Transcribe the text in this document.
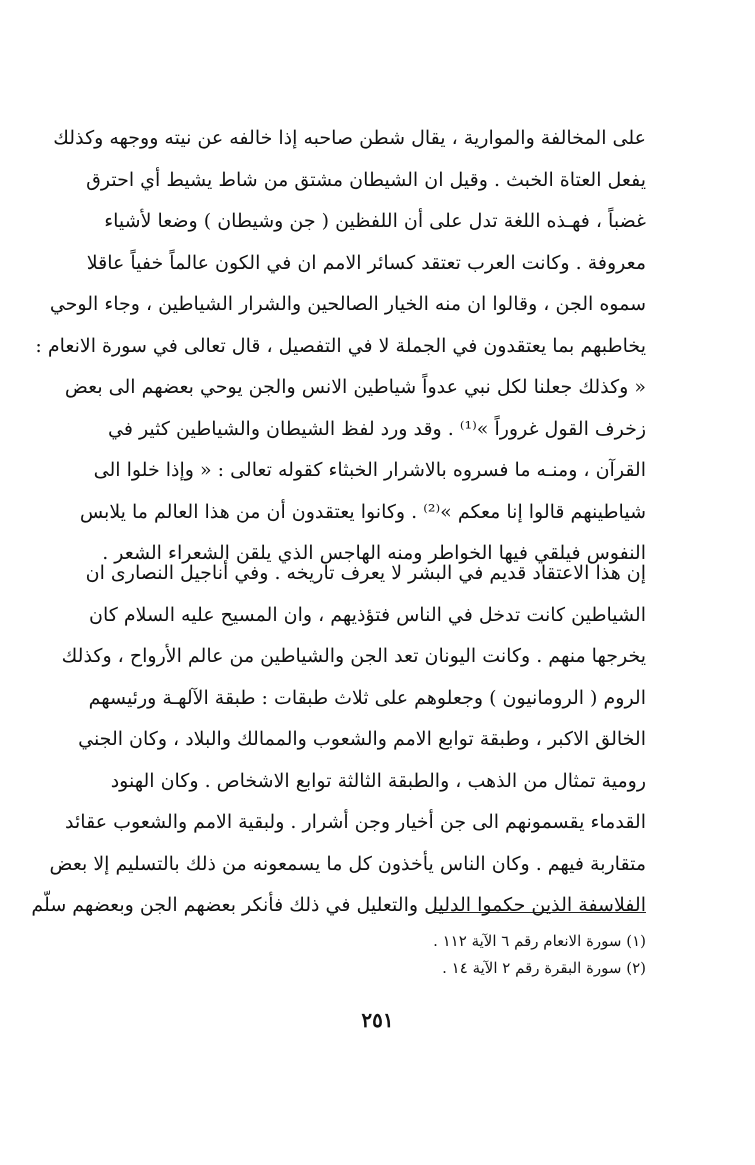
على المخالفة والموارية ، يقال شطن صاحبه إذا خالفه عن نيته ووجهه وكذلك
يفعل العتاة الخبث . وقيل ان الشيطان مشتق من شاط يشيط أي احترق
غضباً ، فهـذه اللغة تدل على أن اللفظين ( جن وشيطان ) وضعا لأشياء
معروفة . وكانت العرب تعتقد كسائر الامم ان في الكون عالماً خفياً عاقلا
سموه الجن ، وقالوا ان منه الخيار الصالحين والشرار الشياطين ، وجاء الوحي
يخاطبهم بما يعتقدون في الجملة لا في التفصيل ، قال تعالى في سورة الانعام :
« وكذلك جعلنا لكل نبي عدواً شياطين الانس والجن يوحي بعضهم الى بعض
زخرف القول غروراً »⁽¹⁾ . وقد ورد لفظ الشيطان والشياطين كثير في
القرآن ، ومنـه ما فسروه بالاشرار الخبثاء كقوله تعالى : « وإذا خلوا الى
شياطينهم قالوا إنا معكم »⁽²⁾ . وكانوا يعتقدون أن من هذا العالم ما يلابس
النفوس فيلقي فيها الخواطر ومنه الهاجس الذي يلقن الشعراء الشعر .
إن هذا الاعتقاد قديم في البشر لا يعرف تاريخه . وفي أناجيل النصارى ان
الشياطين كانت تدخل في الناس فتؤذيهم ، وان المسيح عليه السلام كان
يخرجها منهم . وكانت اليونان تعد الجن والشياطين من عالم الأرواح ، وكذلك
الروم ( الرومانيون ) وجعلوهم على ثلاث طبقات : طبقة الآلهـة ورئيسهم
الخالق الاكبر ، وطبقة توابع الامم والشعوب والممالك والبلاد ، وكان الجني
رومية تمثال من الذهب ، والطبقة الثالثة توابع الاشخاص . وكان الهنود
القدماء يقسمونهم الى جن أخيار وجن أشرار . ولبقية الامم والشعوب عقائد
متقاربة فيهم . وكان الناس يأخذون كل ما يسمعونه من ذلك بالتسليم إلا بعض
الفلاسفة الذين حكموا الدليل والتعليل في ذلك فأنكر بعضهم الجن وبعضهم سلّم
(١) سورة الانعام رقم ٦ الآية ١١٢ .
(٢) سورة البقرة رقم ٢ الآية ١٤ .
٢٥١
